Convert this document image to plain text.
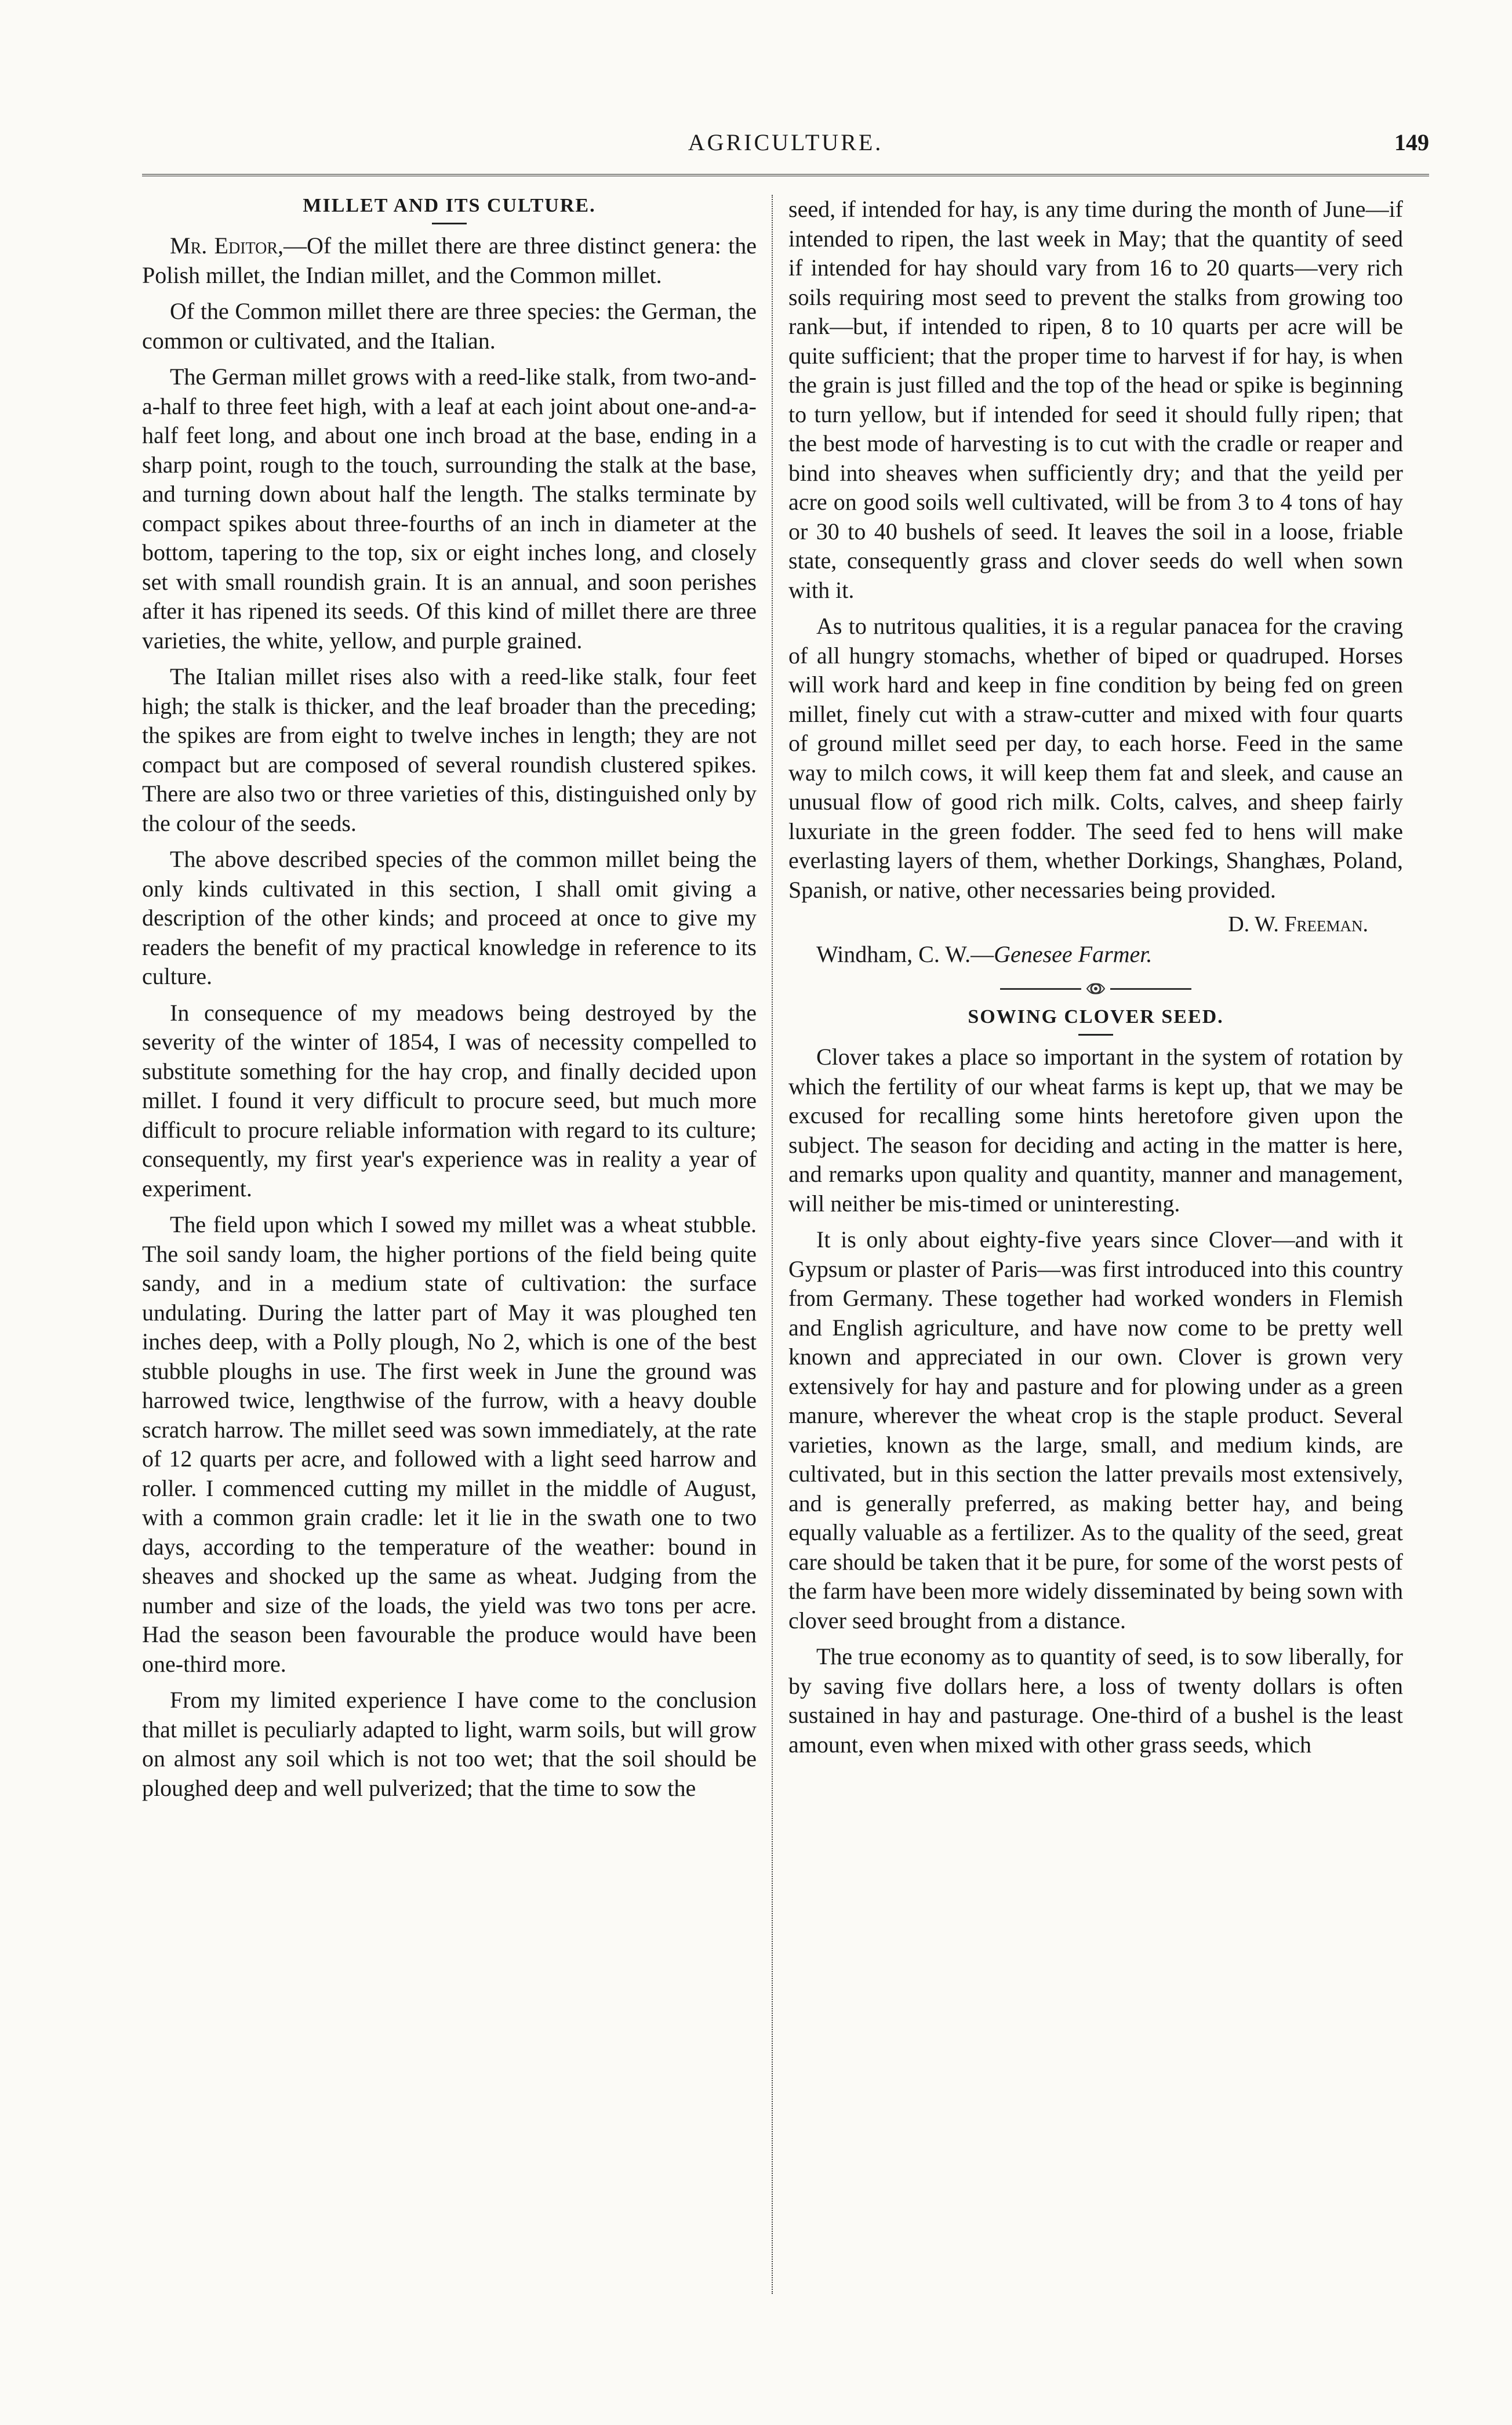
AGRICULTURE.	149
MILLET AND ITS CULTURE.

Mr. Editor,—Of the millet there are three distinct genera: the Polish millet, the Indian millet, and the Common millet.

Of the Common millet there are three species: the German, the common or cultivated, and the Italian.

The German millet grows with a reed-like stalk, from two-and-a-half to three feet high, with a leaf at each joint about one-and-a-half feet long, and about one inch broad at the base, ending in a sharp point, rough to the touch, surrounding the stalk at the base, and turning down about half the length. The stalks terminate by compact spikes about three-fourths of an inch in diameter at the bottom, tapering to the top, six or eight inches long, and closely set with small roundish grain. It is an annual, and soon perishes after it has ripened its seeds. Of this kind of millet there are three varieties, the white, yellow, and purple grained.

The Italian millet rises also with a reed-like stalk, four feet high; the stalk is thicker, and the leaf broader than the preceding; the spikes are from eight to twelve inches in length; they are not compact but are composed of several roundish clustered spikes. There are also two or three varieties of this, distinguished only by the colour of the seeds.

The above described species of the common millet being the only kinds cultivated in this section, I shall omit giving a description of the other kinds; and proceed at once to give my readers the benefit of my practical knowledge in reference to its culture.

In consequence of my meadows being destroyed by the severity of the winter of 1854, I was of necessity compelled to substitute something for the hay crop, and finally decided upon millet. I found it very difficult to procure seed, but much more difficult to procure reliable information with regard to its culture; consequently, my first year's experience was in reality a year of experiment.

The field upon which I sowed my millet was a wheat stubble. The soil sandy loam, the higher portions of the field being quite sandy, and in a medium state of cultivation: the surface undulating. During the latter part of May it was ploughed ten inches deep, with a Polly plough, No 2, which is one of the best stubble ploughs in use. The first week in June the ground was harrowed twice, lengthwise of the furrow, with a heavy double scratch harrow. The millet seed was sown immediately, at the rate of 12 quarts per acre, and followed with a light seed harrow and roller. I commenced cutting my millet in the middle of August, with a common grain cradle: let it lie in the swath one to two days, according to the temperature of the weather: bound in sheaves and shocked up the same as wheat. Judging from the number and size of the loads, the yield was two tons per acre. Had the season been favourable the produce would have been one-third more.

From my limited experience I have come to the conclusion that millet is peculiarly adapted to light, warm soils, but will grow on almost any soil which is not too wet; that the soil should be ploughed deep and well pulverized; that the time to sow the

seed, if intended for hay, is any time during the month of June—if intended to ripen, the last week in May; that the quantity of seed if intended for hay should vary from 16 to 20 quarts—very rich soils requiring most seed to prevent the stalks from growing too rank—but, if intended to ripen, 8 to 10 quarts per acre will be quite sufficient; that the proper time to harvest if for hay, is when the grain is just filled and the top of the head or spike is beginning to turn yellow, but if intended for seed it should fully ripen; that the best mode of harvesting is to cut with the cradle or reaper and bind into sheaves when sufficiently dry; and that the yeild per acre on good soils well cultivated, will be from 3 to 4 tons of hay or 30 to 40 bushels of seed. It leaves the soil in a loose, friable state, consequently grass and clover seeds do well when sown with it.

As to nutritous qualities, it is a regular panacea for the craving of all hungry stomachs, whether of biped or quadruped. Horses will work hard and keep in fine condition by being fed on green millet, finely cut with a straw-cutter and mixed with four quarts of ground millet seed per day, to each horse. Feed in the same way to milch cows, it will keep them fat and sleek, and cause an unusual flow of good rich milk. Colts, calves, and sheep fairly luxuriate in the green fodder. The seed fed to hens will make everlasting layers of them, whether Dorkings, Shanghæs, Poland, Spanish, or native, other necessaries being provided.

D. W. Freeman.
Windham, C. W.—Genesee Farmer.
SOWING CLOVER SEED.

Clover takes a place so important in the system of rotation by which the fertility of our wheat farms is kept up, that we may be excused for recalling some hints heretofore given upon the subject. The season for deciding and acting in the matter is here, and remarks upon quality and quantity, manner and management, will neither be mis-timed or uninteresting.

It is only about eighty-five years since Clover—and with it Gypsum or plaster of Paris—was first introduced into this country from Germany. These together had worked wonders in Flemish and English agriculture, and have now come to be pretty well known and appreciated in our own. Clover is grown very extensively for hay and pasture and for plowing under as a green manure, wherever the wheat crop is the staple product. Several varieties, known as the large, small, and medium kinds, are cultivated, but in this section the latter prevails most extensively, and is generally preferred, as making better hay, and being equally valuable as a fertilizer. As to the quality of the seed, great care should be taken that it be pure, for some of the worst pests of the farm have been more widely disseminated by being sown with clover seed brought from a distance.

The true economy as to quantity of seed, is to sow liberally, for by saving five dollars here, a loss of twenty dollars is often sustained in hay and pasturage. One-third of a bushel is the least amount, even when mixed with other grass seeds, which
